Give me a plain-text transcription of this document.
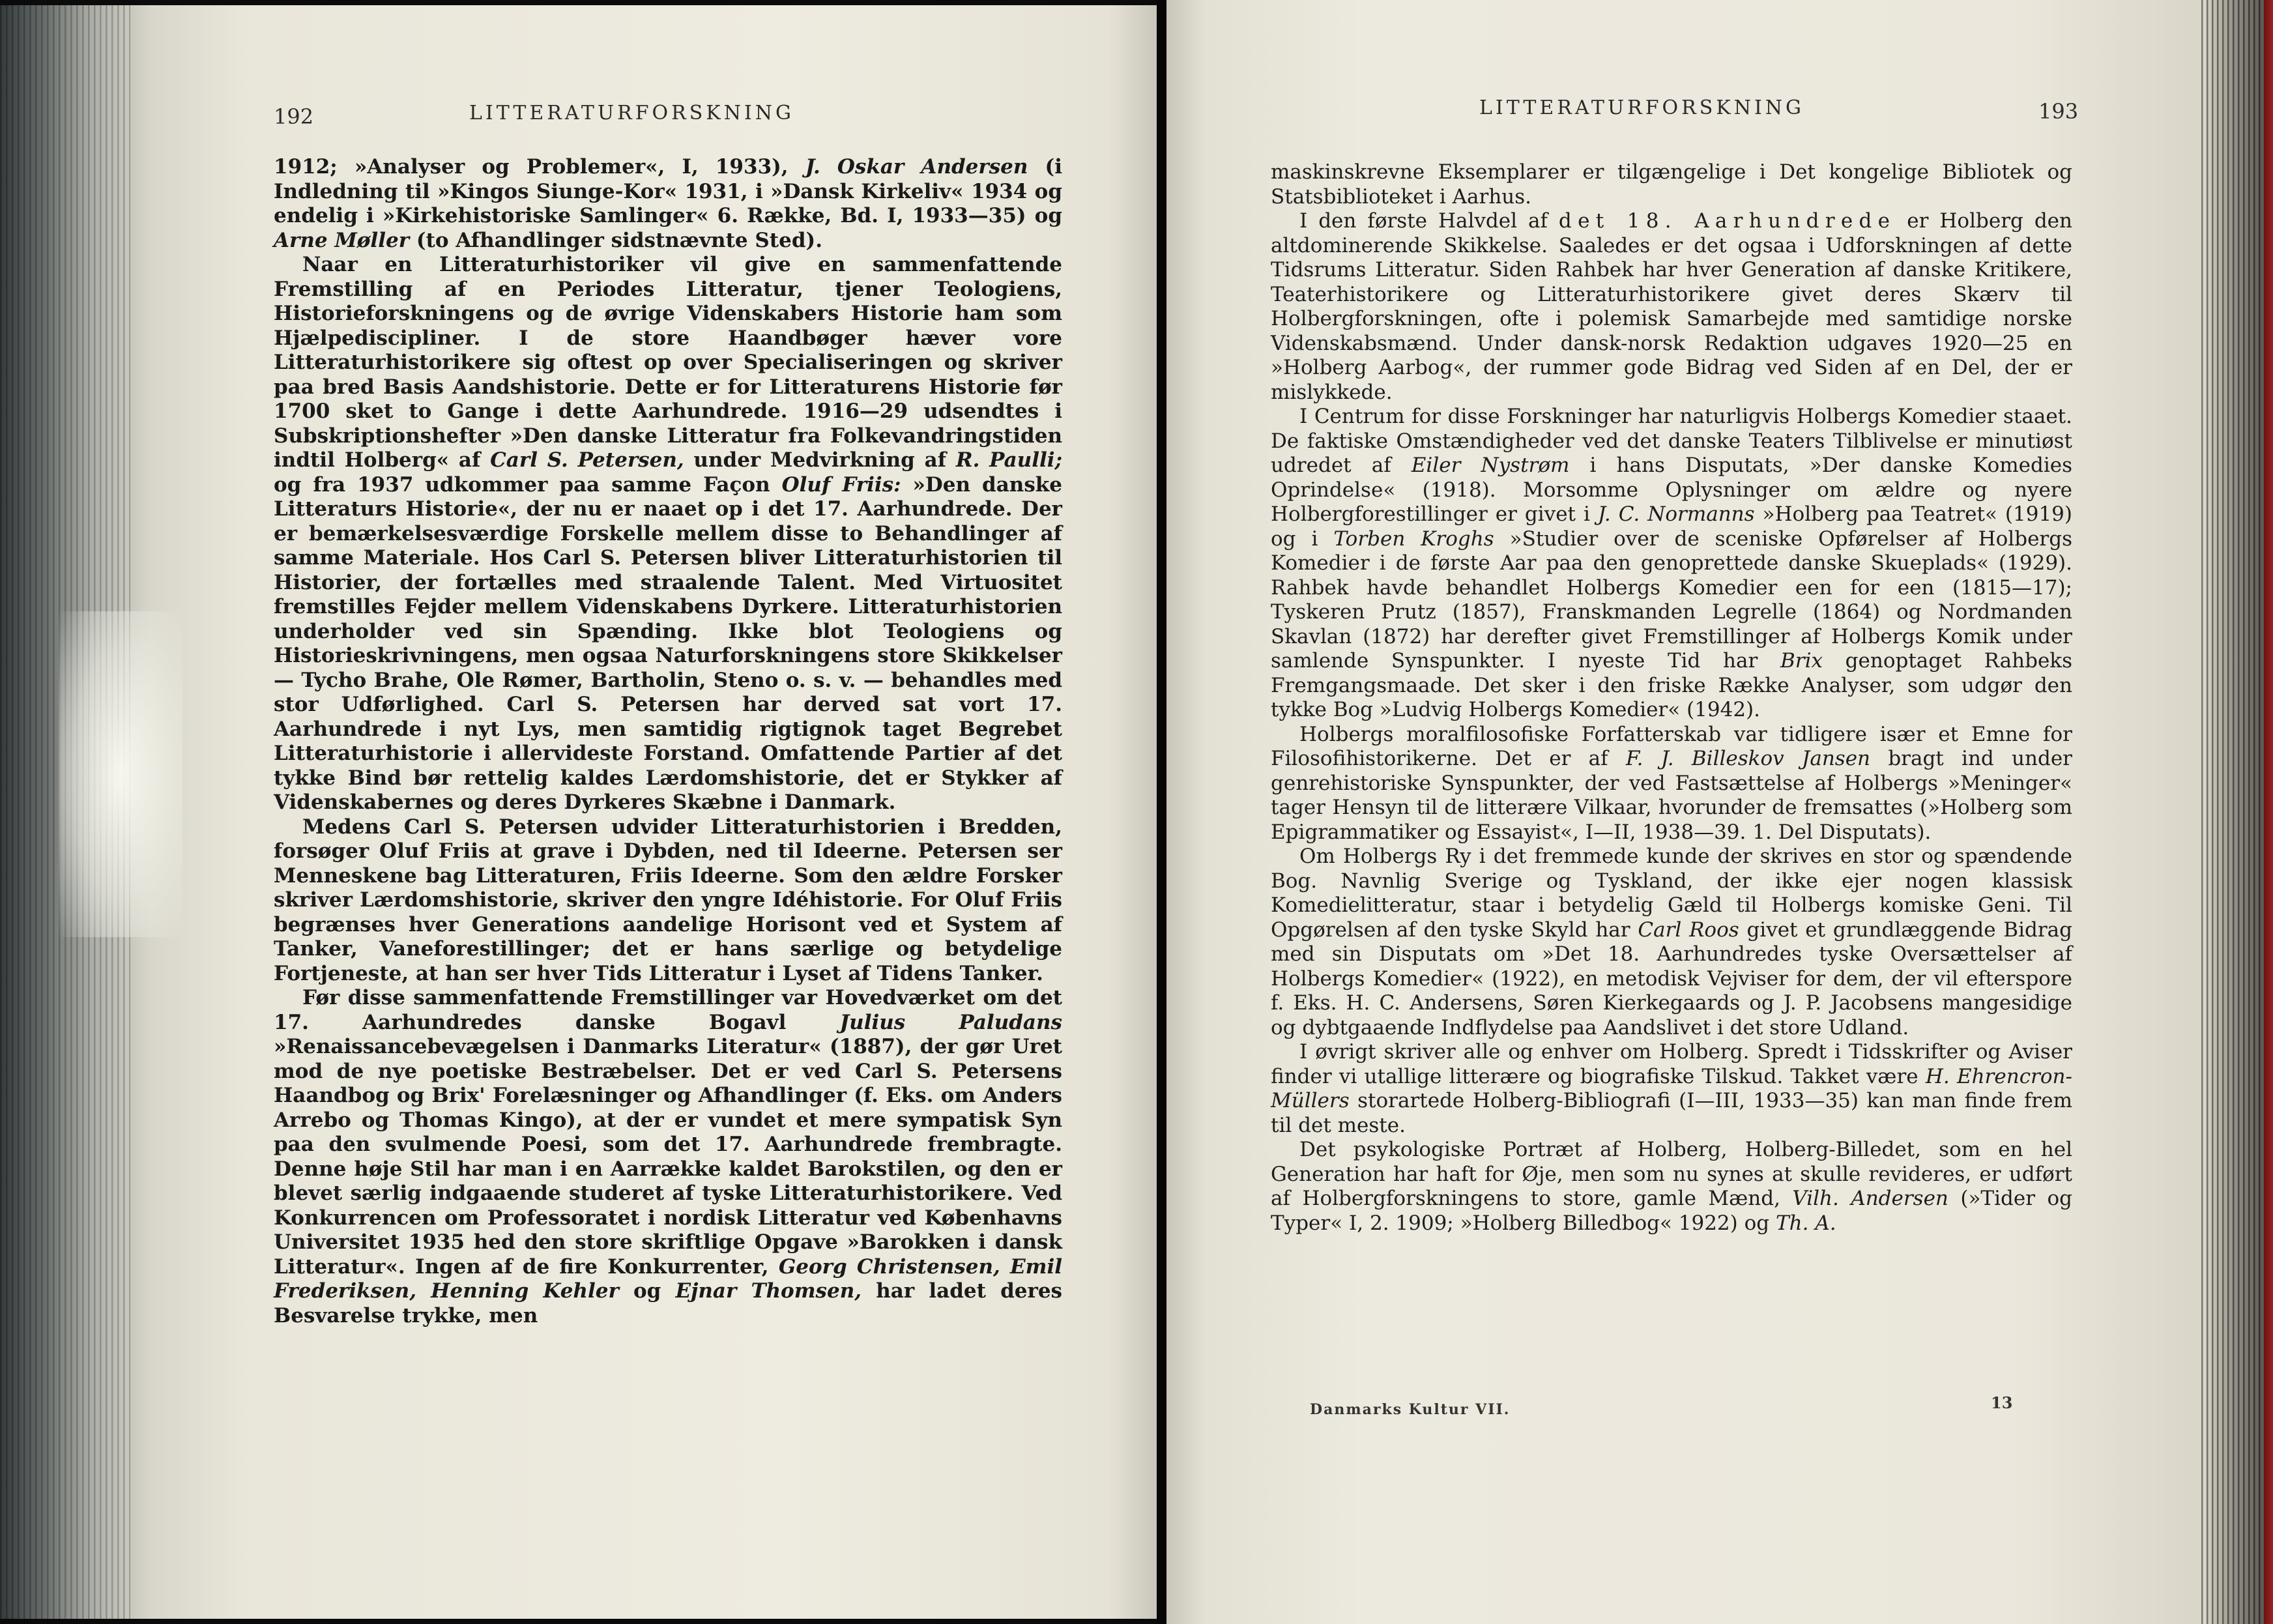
192	LITTERATURFORSKNING

1912; »Analyser og Problemer«, I, 1933), J. Oskar Andersen (i Indledning til »Kingos Siunge-Kor« 1931, i »Dansk Kirkeliv« 1934 og endelig i »Kirkehistoriske Samlinger« 6. Række, Bd. I, 1933—35) og Arne Møller (to Afhandlinger sidstnævnte Sted).

Naar en Litteraturhistoriker vil give en sammenfattende Fremstilling af en Periodes Litteratur, tjener Teologiens, Historieforskningens og de øvrige Videnskabers Historie ham som Hjælpediscipliner. I de store Haandbøger hæver vore Litteraturhistorikere sig oftest op over Specialiseringen og skriver paa bred Basis Aandshistorie. Dette er for Litteraturens Historie før 1700 sket to Gange i dette Aarhundrede. 1916—29 udsendtes i Subskriptionshefter »Den danske Litteratur fra Folkevandringstiden indtil Holberg« af Carl S. Petersen, under Medvirkning af R. Paulli; og fra 1937 udkommer paa samme Façon Oluf Friis: »Den danske Litteraturs Historie«, der nu er naaet op i det 17. Aarhundrede. Der er bemærkelsesværdige Forskelle mellem disse to Behandlinger af samme Materiale. Hos Carl S. Petersen bliver Litteraturhistorien til Historier, der fortælles med straalende Talent. Med Virtuositet fremstilles Fejder mellem Videnskabens Dyrkere. Litteraturhistorien underholder ved sin Spænding. Ikke blot Teologiens og Historieskrivningens, men ogsaa Naturforskningens store Skikkelser — Tycho Brahe, Ole Rømer, Bartholin, Steno o. s. v. — behandles med stor Udførlighed. Carl S. Petersen har derved sat vort 17. Aarhundrede i nyt Lys, men samtidig rigtignok taget Begrebet Litteraturhistorie i allervideste Forstand. Omfattende Partier af det tykke Bind bør rettelig kaldes Lærdomshistorie, det er Stykker af Videnskabernes og deres Dyrkeres Skæbne i Danmark.

Medens Carl S. Petersen udvider Litteraturhistorien i Bredden, forsøger Oluf Friis at grave i Dybden, ned til Ideerne. Petersen ser Menneskene bag Litteraturen, Friis Ideerne. Som den ældre Forsker skriver Lærdomshistorie, skriver den yngre Idéhistorie. For Oluf Friis begrænses hver Generations aandelige Horisont ved et System af Tanker, Vaneforestillinger; det er hans særlige og betydelige Fortjeneste, at han ser hver Tids Litteratur i Lyset af Tidens Tanker.

Før disse sammenfattende Fremstillinger var Hovedværket om det 17. Aarhundredes danske Bogavl Julius Paludans »Renaissancebevægelsen i Danmarks Literatur« (1887), der gør Uret mod de nye poetiske Bestræbelser. Det er ved Carl S. Petersens Haandbog og Brix' Forelæsninger og Afhandlinger (f. Eks. om Anders Arrebo og Thomas Kingo), at der er vundet et mere sympatisk Syn paa den svulmende Poesi, som det 17. Aarhundrede frembragte. Denne høje Stil har man i en Aarrække kaldet Barokstilen, og den er blevet særlig indgaaende studeret af tyske Litteraturhistorikere. Ved Konkurrencen om Professoratet i nordisk Litteratur ved Københavns Universitet 1935 hed den store skriftlige Opgave »Barokken i dansk Litteratur«. Ingen af de fire Konkurrenter, Georg Christensen, Emil Frederiksen, Henning Kehler og Ejnar Thomsen, har ladet deres Besvarelse trykke, men

LITTERATURFORSKNING	193

maskinskrevne Eksemplarer er tilgængelige i Det kongelige Bibliotek og Statsbiblioteket i Aarhus.

I den første Halvdel af det 18. Aarhundrede er Holberg den altdominerende Skikkelse. Saaledes er det ogsaa i Udforskningen af dette Tidsrums Litteratur. Siden Rahbek har hver Generation af danske Kritikere, Teaterhistorikere og Litteraturhistorikere givet deres Skærv til Holbergforskningen, ofte i polemisk Samarbejde med samtidige norske Videnskabsmænd. Under dansk-norsk Redaktion udgaves 1920—25 en »Holberg Aarbog«, der rummer gode Bidrag ved Siden af en Del, der er mislykkede.

I Centrum for disse Forskninger har naturligvis Holbergs Komedier staaet. De faktiske Omstændigheder ved det danske Teaters Tilblivelse er minutiøst udredet af Eiler Nystrøm i hans Disputats, »Der danske Komedies Oprindelse« (1918). Morsomme Oplysninger om ældre og nyere Holbergforestillinger er givet i J. C. Normanns »Holberg paa Teatret« (1919) og i Torben Kroghs »Studier over de sceniske Opførelser af Holbergs Komedier i de første Aar paa den genoprettede danske Skueplads« (1929). Rahbek havde behandlet Holbergs Komedier een for een (1815—17); Tyskeren Prutz (1857), Franskmanden Legrelle (1864) og Nordmanden Skavlan (1872) har derefter givet Fremstillinger af Holbergs Komik under samlende Synspunkter. I nyeste Tid har Brix genoptaget Rahbeks Fremgangsmaade. Det sker i den friske Række Analyser, som udgør den tykke Bog »Ludvig Holbergs Komedier« (1942).

Holbergs moralfilosofiske Forfatterskab var tidligere især et Emne for Filosofihistorikerne. Det er af F. J. Billeskov Jansen bragt ind under genrehistoriske Synspunkter, der ved Fastsættelse af Holbergs »Meninger« tager Hensyn til de litterære Vilkaar, hvorunder de fremsattes (»Holberg som Epigrammatiker og Essayist«, I—II, 1938—39. 1. Del Disputats).

Om Holbergs Ry i det fremmede kunde der skrives en stor og spændende Bog. Navnlig Sverige og Tyskland, der ikke ejer nogen klassisk Komedielitteratur, staar i betydelig Gæld til Holbergs komiske Geni. Til Opgørelsen af den tyske Skyld har Carl Roos givet et grundlæggende Bidrag med sin Disputats om »Det 18. Aarhundredes tyske Oversættelser af Holbergs Komedier« (1922), en metodisk Vejviser for dem, der vil efterspore f. Eks. H. C. Andersens, Søren Kierkegaards og J. P. Jacobsens mangesidige og dybtgaaende Indflydelse paa Aandslivet i det store Udland.

I øvrigt skriver alle og enhver om Holberg. Spredt i Tidsskrifter og Aviser finder vi utallige litterære og biografiske Tilskud. Takket være H. Ehrencron-Müllers storartede Holberg-Bibliografi (I—III, 1933—35) kan man finde frem til det meste.

Det psykologiske Portræt af Holberg, Holberg-Billedet, som en hel Generation har haft for Øje, men som nu synes at skulle revideres, er udført af Holbergforskningens to store, gamle Mænd, Vilh. Andersen (»Tider og Typer« I, 2. 1909; »Holberg Billedbog« 1922) og Th. A.

Danmarks Kultur VII.	13
